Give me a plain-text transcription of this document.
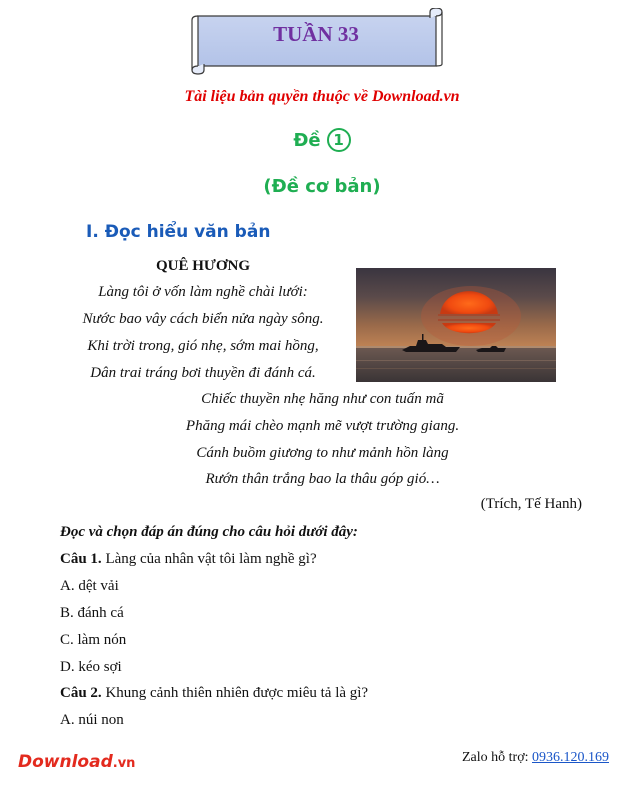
TUẦN 33
Tài liệu bản quyền thuộc về Download.vn
Đề 1
(Đề cơ bản)
I. Đọc hiểu văn bản
QUÊ HƯƠNG
Làng tôi ở vốn làm nghề chài lưới:
Nước bao vây cách biển nửa ngày sông.
Khi trời trong, gió nhẹ, sớm mai hồng,
Dân trai tráng bơi thuyền đi đánh cá.
Chiếc thuyền nhẹ hăng như con tuấn mã
Phăng mái chèo mạnh mẽ vượt trường giang.
Cánh buồm giương to như mảnh hồn làng
Rướn thân trắng bao la thâu góp gió…
(Trích, Tế Hanh)
Đọc và chọn đáp án đúng cho câu hỏi dưới đây:
Câu 1. Làng của nhân vật tôi làm nghề gì?
A. dệt vải
B. đánh cá
C. làm nón
D. kéo sợi
Câu 2. Khung cảnh thiên nhiên được miêu tả là gì?
A. núi non
Download.vn	Zalo hỗ trợ: 0936.120.169
